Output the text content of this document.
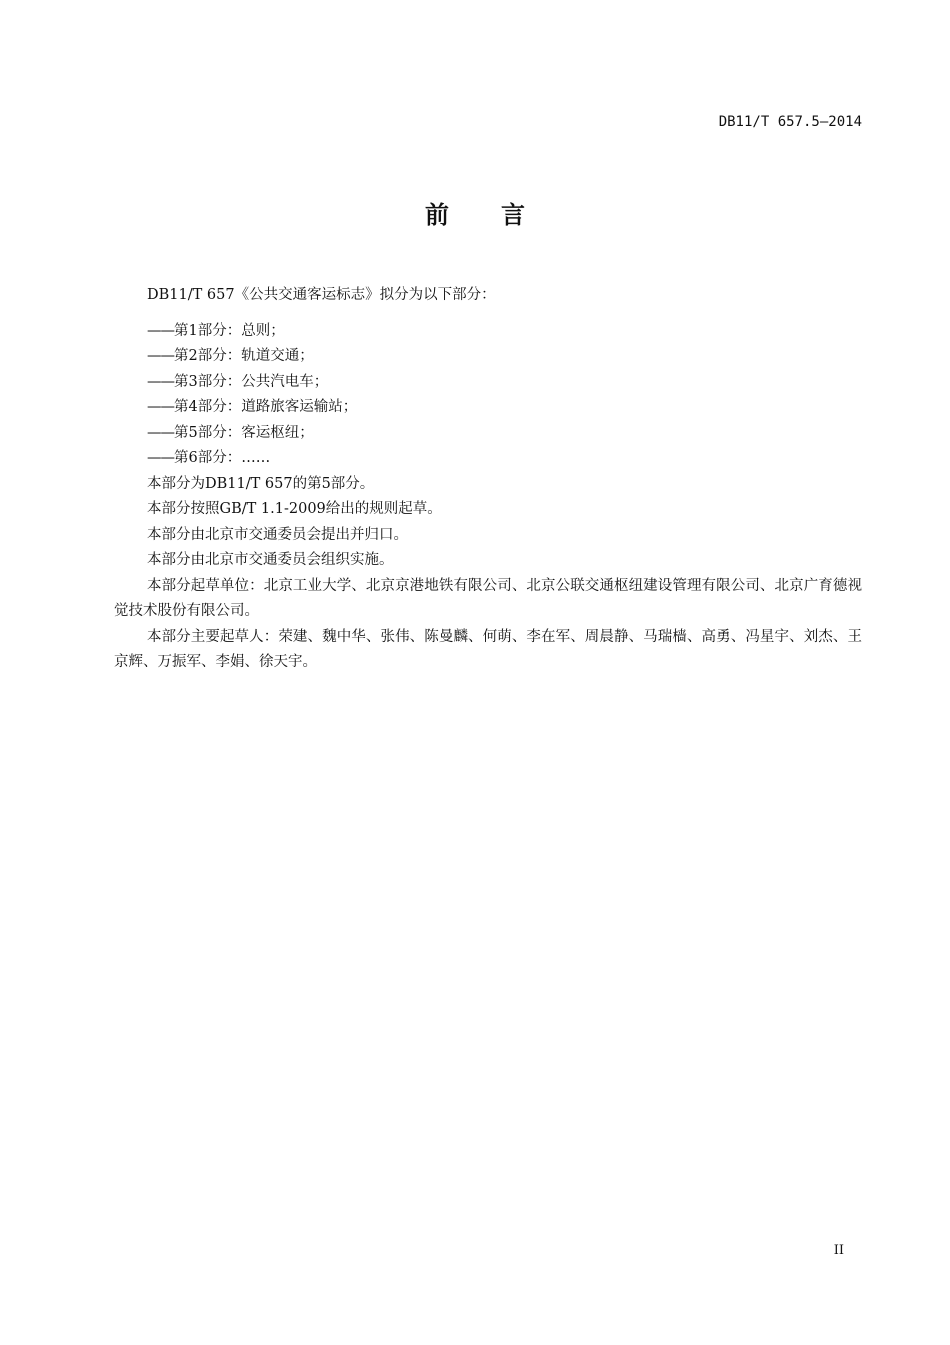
DB11/T 657.5—2014
前 言

DB11/T 657《公共交通客运标志》拟分为以下部分：

——第1部分：总则；

——第2部分：轨道交通；

——第3部分：公共汽电车；

——第4部分：道路旅客运输站；

——第5部分：客运枢纽；

——第6部分：……

本部分为DB11/T 657的第5部分。

本部分按照GB/T 1.1-2009给出的规则起草。

本部分由北京市交通委员会提出并归口。

本部分由北京市交通委员会组织实施。

本部分起草单位：北京工业大学、北京京港地铁有限公司、北京公联交通枢纽建设管理有限公司、北京广育德视觉技术股份有限公司。

本部分主要起草人：荣建、魏中华、张伟、陈曼麟、何萌、李在军、周晨静、马瑞樯、高勇、冯星宇、刘杰、王京辉、万振军、李娟、徐天宇。

II
